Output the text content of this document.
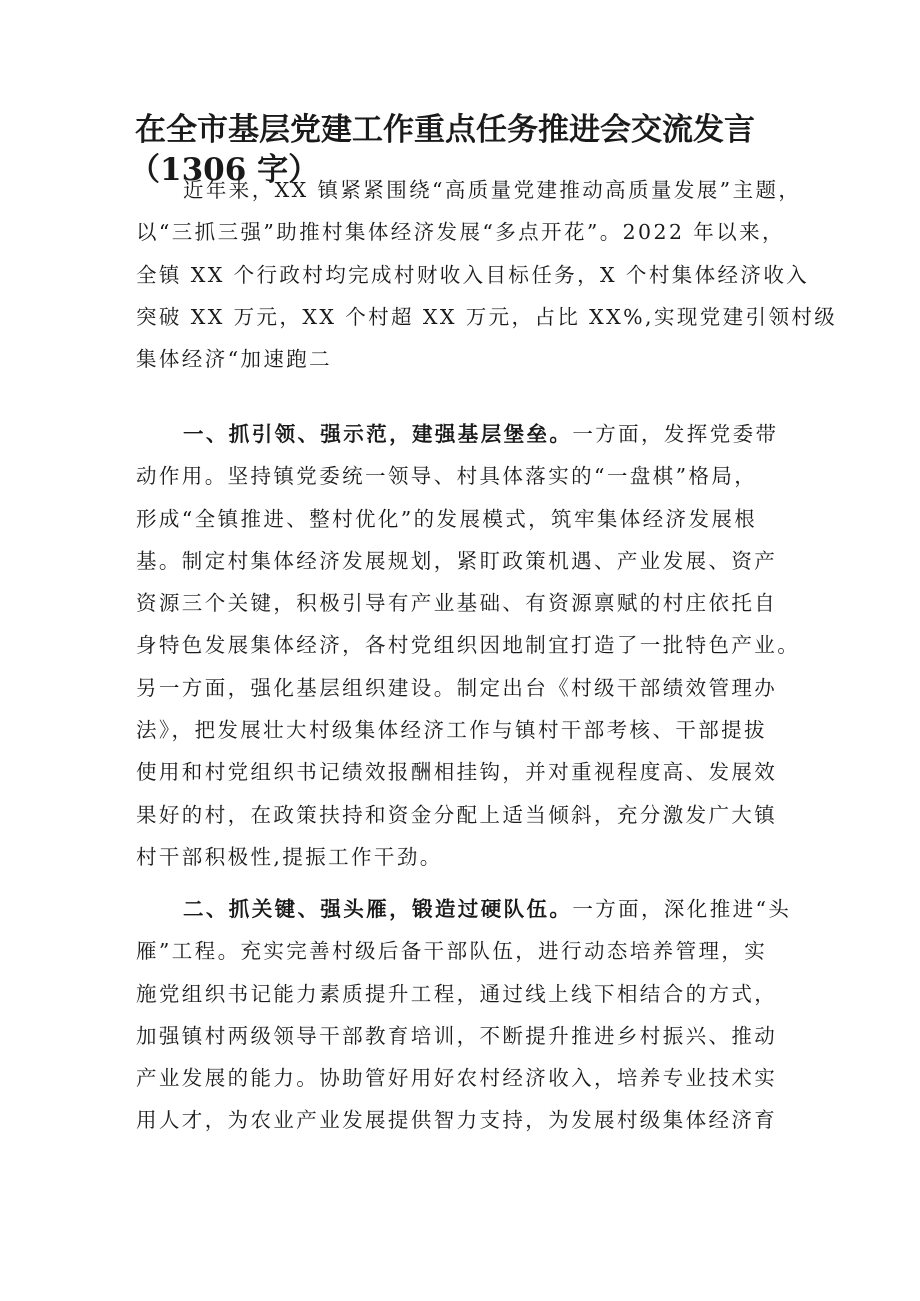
在全市基层党建工作重点任务推进会交流发言
（1306 字）
近年来，XX 镇紧紧围绕“高质量党建推动高质量发展”主题，
以“三抓三强”助推村集体经济发展“多点开花”。2022 年以来，
全镇 XX 个行政村均完成村财收入目标任务，X 个村集体经济收入
突破 XX 万元，XX 个村超 XX 万元，占比 XX%,实现党建引领村级
集体经济“加速跑二
一、抓引领、强示范，建强基层堡垒。一方面，发挥党委带
动作用。坚持镇党委统一领导、村具体落实的“一盘棋”格局，
形成“全镇推进、整村优化”的发展模式，筑牢集体经济发展根
基。制定村集体经济发展规划，紧盯政策机遇、产业发展、资产
资源三个关键，积极引导有产业基础、有资源禀赋的村庄依托自
身特色发展集体经济，各村党组织因地制宜打造了一批特色产业。
另一方面，强化基层组织建设。制定出台《村级干部绩效管理办
法》，把发展壮大村级集体经济工作与镇村干部考核、干部提拔
使用和村党组织书记绩效报酬相挂钩，并对重视程度高、发展效
果好的村，在政策扶持和资金分配上适当倾斜，充分激发广大镇
村干部积极性,提振工作干劲。
二、抓关键、强头雁，锻造过硬队伍。一方面，深化推进“头
雁”工程。充实完善村级后备干部队伍，进行动态培养管理，实
施党组织书记能力素质提升工程，通过线上线下相结合的方式，
加强镇村两级领导干部教育培训，不断提升推进乡村振兴、推动
产业发展的能力。协助管好用好农村经济收入，培养专业技术实
用人才，为农业产业发展提供智力支持，为发展村级集体经济育
